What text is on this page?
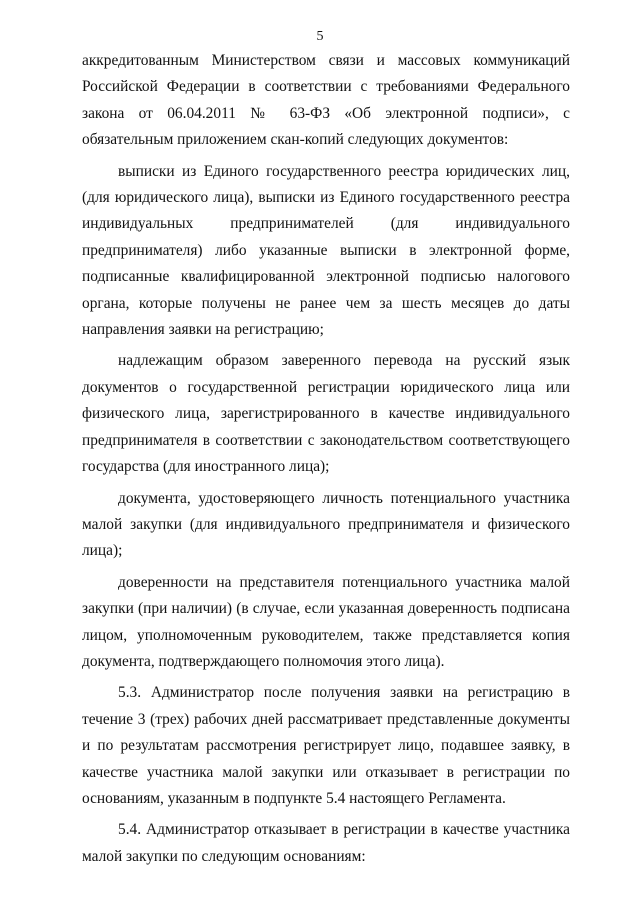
5

аккредитованным Министерством связи и массовых коммуникаций Российской Федерации в соответствии с требованиями Федерального закона от 06.04.2011 № 63-ФЗ «Об электронной подписи», с обязательным приложением скан-копий следующих документов:

выписки из Единого государственного реестра юридических лиц, (для юридического лица), выписки из Единого государственного реестра индивидуальных предпринимателей (для индивидуального предпринимателя) либо указанные выписки в электронной форме, подписанные квалифицированной электронной подписью налогового органа, которые получены не ранее чем за шесть месяцев до даты направления заявки на регистрацию;

надлежащим образом заверенного перевода на русский язык документов о государственной регистрации юридического лица или физического лица, зарегистрированного в качестве индивидуального предпринимателя в соответствии с законодательством соответствующего государства (для иностранного лица);

документа, удостоверяющего личность потенциального участника малой закупки (для индивидуального предпринимателя и физического лица);

доверенности на представителя потенциального участника малой закупки (при наличии) (в случае, если указанная доверенность подписана лицом, уполномоченным руководителем, также представляется копия документа, подтверждающего полномочия этого лица).

5.3. Администратор после получения заявки на регистрацию в течение 3 (трех) рабочих дней рассматривает представленные документы и по результатам рассмотрения регистрирует лицо, подавшее заявку, в качестве участника малой закупки или отказывает в регистрации по основаниям, указанным в подпункте 5.4 настоящего Регламента.

5.4. Администратор отказывает в регистрации в качестве участника малой закупки по следующим основаниям:
